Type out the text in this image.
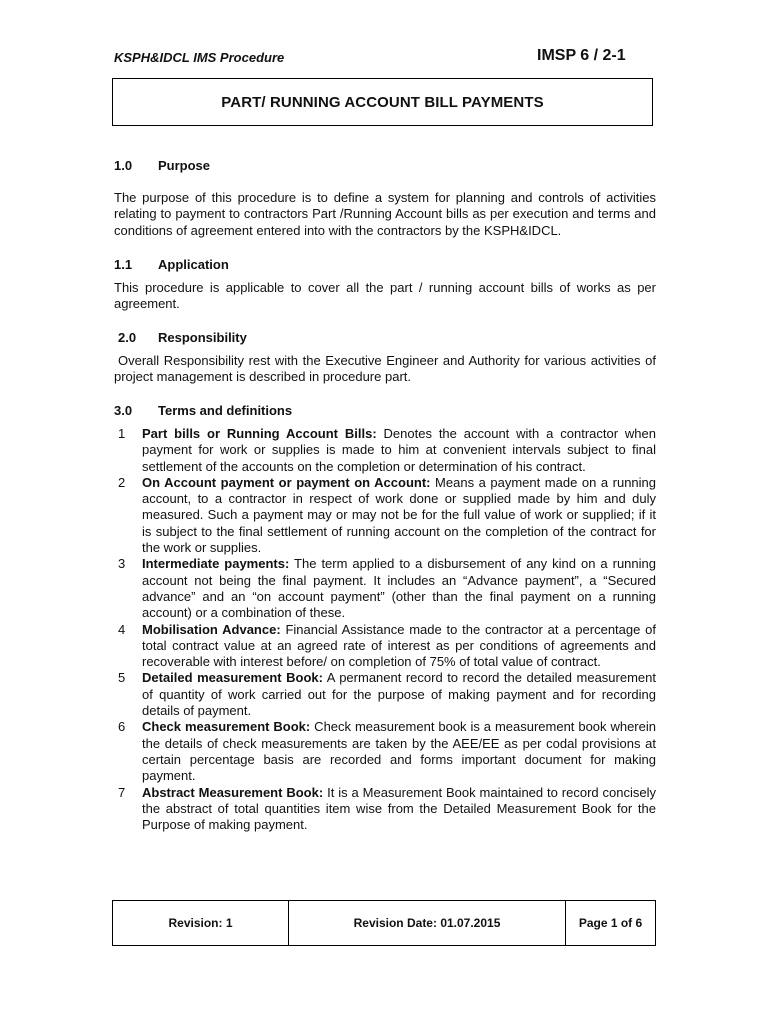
KSPH&IDCL IMS Procedure	IMSP 6 / 2-1
PART/ RUNNING ACCOUNT BILL PAYMENTS
1.0 Purpose
The purpose of this procedure is to define a system for planning and controls of activities relating to payment to contractors Part /Running Account bills as per execution and terms and conditions of agreement entered into with the contractors by the KSPH&IDCL.
1.1 Application
This procedure is applicable to cover all the part / running account bills of works as per agreement.
2.0 Responsibility
Overall Responsibility rest with the Executive Engineer and Authority for various activities of project management is described in procedure part.
3.0 Terms and definitions
1	Part bills or Running Account Bills: Denotes the account with a contractor when payment for work or supplies is made to him at convenient intervals subject to final settlement of the accounts on the completion or determination of his contract.
2	On Account payment or payment on Account: Means a payment made on a running account, to a contractor in respect of work done or supplied made by him and duly measured. Such a payment may or may not be for the full value of work or supplied; if it is subject to the final settlement of running account on the completion of the contract for the work or supplies.
3	Intermediate payments: The term applied to a disbursement of any kind on a running account not being the final payment. It includes an “Advance payment”, a “Secured advance” and an “on account payment” (other than the final payment on a running account) or a combination of these.
4	Mobilisation Advance: Financial Assistance made to the contractor at a percentage of total contract value at an agreed rate of interest as per conditions of agreements and recoverable with interest before/ on completion of 75% of total value of contract.
5	Detailed measurement Book: A permanent record to record the detailed measurement of quantity of work carried out for the purpose of making payment and for recording details of payment.
6	Check measurement Book: Check measurement book is a measurement book wherein the details of check measurements are taken by the AEE/EE as per codal provisions at certain percentage basis are recorded and forms important document for making payment.
7	Abstract Measurement Book: It is a Measurement Book maintained to record concisely the abstract of total quantities item wise from the Detailed Measurement Book for the Purpose of making payment.
Revision: 1	Revision Date: 01.07.2015	Page 1 of 6
